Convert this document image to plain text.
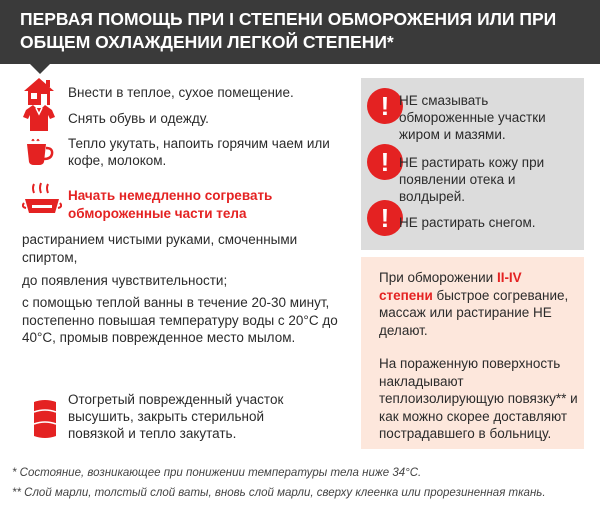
ПЕРВАЯ ПОМОЩЬ ПРИ I СТЕПЕНИ ОБМОРОЖЕНИЯ ИЛИ ПРИ ОБЩЕМ ОХЛАЖДЕНИИ ЛЕГКОЙ СТЕПЕНИ*
Внести в теплое, сухое помещение.
Снять обувь и одежду.
Тепло укутать, напоить горячим чаем или кофе, молоком.
Начать немедленно согревать обмороженные части тела
растиранием чистыми руками, смоченными спиртом,
до появления чувствительности;
с помощью теплой ванны в течение 20-30 минут, постепенно повышая температуру воды с 20°C до 40°C, промыв поврежденное место мылом.
Отогретый поврежденный участок высушить, закрыть стерильной повязкой и тепло закутать.
! НЕ смазывать обмороженные участки жиром и мазями.
! НЕ растирать кожу при появлении отека и волдырей.
! НЕ растирать снегом.
При обморожении II-IV степени быстрое согревание, массаж или растирание НЕ делают.
На пораженную поверхность накладывают теплоизолирующую повязку** и как можно скорее доставляют пострадавшего в больницу.
* Состояние, возникающее при понижении температуры тела ниже 34°С.
** Слой марли, толстый слой ваты, вновь слой марли, сверху клеенка или прорезиненная ткань.
